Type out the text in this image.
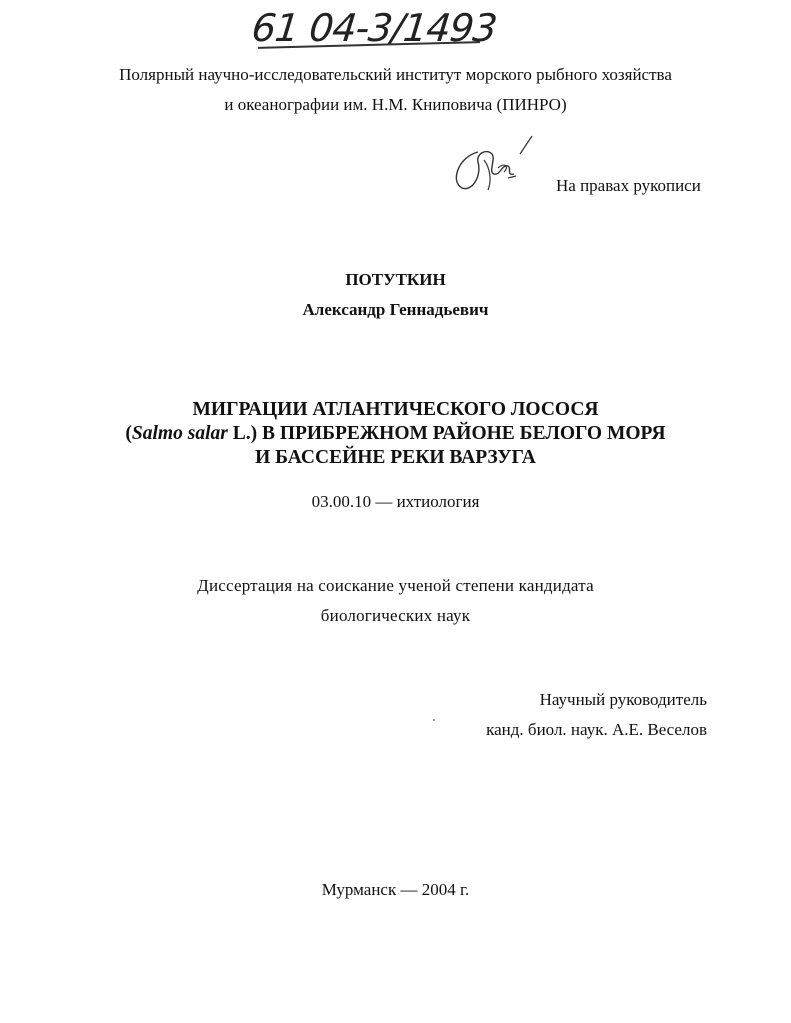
61 04-3/1493

Полярный научно-исследовательский институт морского рыбного хозяйства

и океанографии им. Н.М. Книповича (ПИНРО)

На правах рукописи

ПОТУТКИН

Александр Геннадьевич

МИГРАЦИИ АТЛАНТИЧЕСКОГО ЛОСОСЯ

(Salmo salar L.) В ПРИБРЕЖНОМ РАЙОНЕ БЕЛОГО МОРЯ

И БАССЕЙНЕ РЕКИ ВАРЗУГА

03.00.10 — ихтиология

Диссертация на соискание ученой степени кандидата

биологических наук

Научный руководитель

канд. биол. наук. А.Е. Веселов

Мурманск — 2004 г.
